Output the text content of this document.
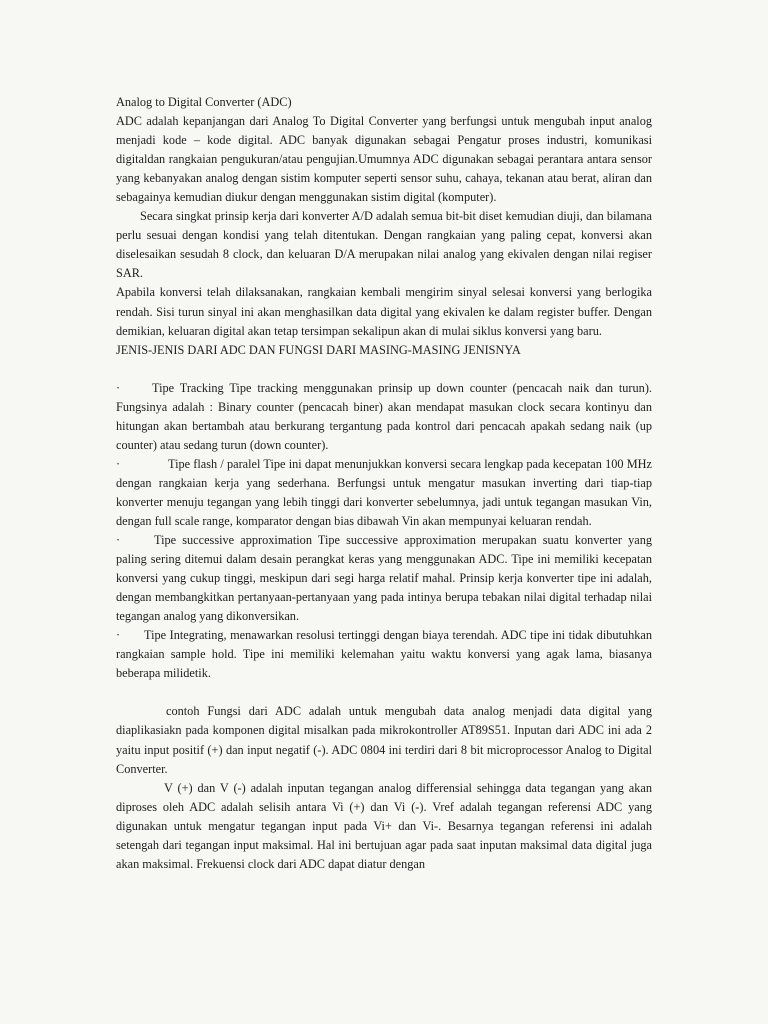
Analog to Digital Converter (ADC)

ADC adalah kepanjangan dari Analog To Digital Converter yang berfungsi untuk mengubah input analog menjadi kode – kode digital. ADC banyak digunakan sebagai Pengatur proses industri, komunikasi digitaldan rangkaian pengukuran/atau pengujian.Umumnya ADC digunakan sebagai perantara antara sensor yang kebanyakan analog dengan sistim komputer seperti sensor suhu, cahaya, tekanan atau berat, aliran dan sebagainya kemudian diukur dengan menggunakan sistim digital (komputer).

Secara singkat prinsip kerja dari konverter A/D adalah semua bit-bit diset kemudian diuji, dan bilamana perlu sesuai dengan kondisi yang telah ditentukan. Dengan rangkaian yang paling cepat, konversi akan diselesaikan sesudah 8 clock, dan keluaran D/A merupakan nilai analog yang ekivalen dengan nilai regiser SAR.

Apabila konversi telah dilaksanakan, rangkaian kembali mengirim sinyal selesai konversi yang berlogika rendah. Sisi turun sinyal ini akan menghasilkan data digital yang ekivalen ke dalam register buffer. Dengan demikian, keluaran digital akan tetap tersimpan sekalipun akan di mulai siklus konversi yang baru.

JENIS-JENIS DARI ADC DAN FUNGSI DARI MASING-MASING JENISNYA

·	Tipe Tracking Tipe tracking menggunakan prinsip up down counter (pencacah naik dan turun). Fungsinya adalah : Binary counter (pencacah biner) akan mendapat masukan clock secara kontinyu dan hitungan akan bertambah atau berkurang tergantung pada kontrol dari pencacah apakah sedang naik (up counter) atau sedang turun (down counter).

·	Tipe flash / paralel Tipe ini dapat menunjukkan konversi secara lengkap pada kecepatan 100 MHz dengan rangkaian kerja yang sederhana. Berfungsi untuk mengatur masukan inverting dari tiap-tiap konverter menuju tegangan yang lebih tinggi dari konverter sebelumnya, jadi untuk tegangan masukan Vin, dengan full scale range, komparator dengan bias dibawah Vin akan mempunyai keluaran rendah.

·	Tipe successive approximation Tipe successive approximation merupakan suatu konverter yang paling sering ditemui dalam desain perangkat keras yang menggunakan ADC. Tipe ini memiliki kecepatan konversi yang cukup tinggi, meskipun dari segi harga relatif mahal. Prinsip kerja konverter tipe ini adalah, dengan membangkitkan pertanyaan-pertanyaan yang pada intinya berupa tebakan nilai digital terhadap nilai tegangan analog yang dikonversikan.

· Tipe Integrating, menawarkan resolusi tertinggi dengan biaya terendah. ADC tipe ini tidak dibutuhkan rangkaian sample hold. Tipe ini memiliki kelemahan yaitu waktu konversi yang agak lama, biasanya beberapa milidetik.

contoh Fungsi dari ADC adalah untuk mengubah data analog menjadi data digital yang diaplikasiakn pada komponen digital misalkan pada mikrokontroller AT89S51. Inputan dari ADC ini ada 2 yaitu input positif (+) dan input negatif (-). ADC 0804 ini terdiri dari 8 bit microprocessor Analog to Digital Converter.

V (+) dan V (-) adalah inputan tegangan analog differensial sehingga data tegangan yang akan diproses oleh ADC adalah selisih antara Vi (+) dan Vi (-). Vref adalah tegangan referensi ADC yang digunakan untuk mengatur tegangan input pada Vi+ dan Vi-. Besarnya tegangan referensi ini adalah setengah dari tegangan input maksimal. Hal ini bertujuan agar pada saat inputan maksimal data digital juga akan maksimal. Frekuensi clock dari ADC dapat diatur dengan
